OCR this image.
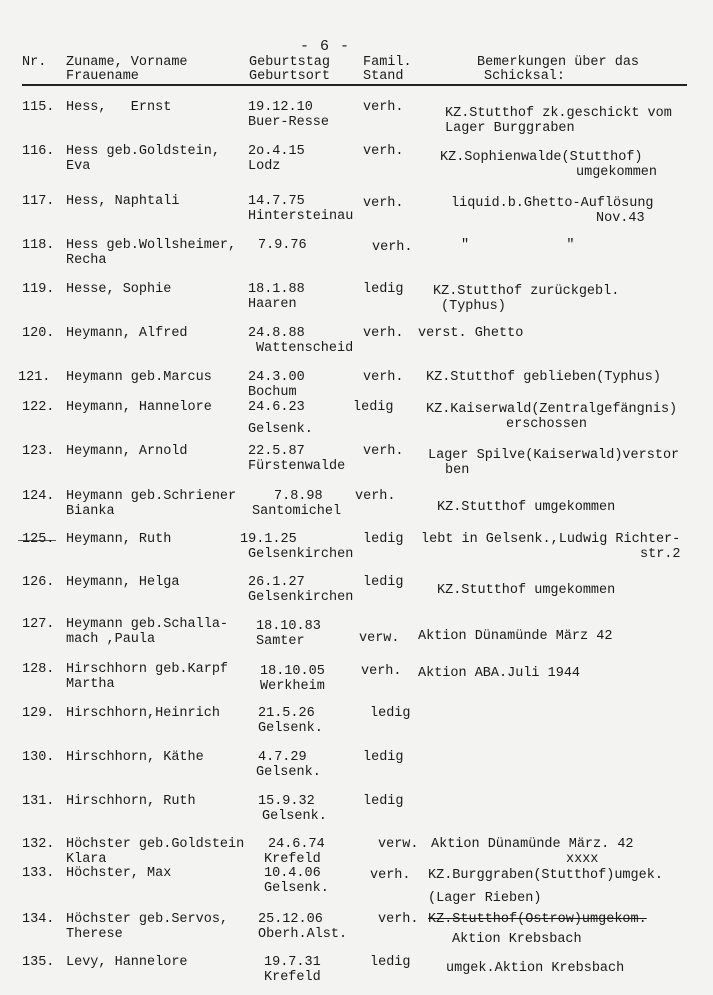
- 6 -
Nr. Zuname, Vorname
Frauename
Geburtstag
Geburtsort
Famil.
Stand
Bemerkungen über das
Schicksal:
115. Hess,   Ernst	19.12.10
Buer-Resse
verh.	KZ.Stutthof zk.geschickt vom
Lager Burggraben
116. Hess geb.Goldstein,
Eva
2o.4.15
Lodz
verh.	KZ.Sophienwalde(Stutthof)
umgekommen
117. Hess, Naphtali	14.7.75
Hintersteinau
verh.	liquid.b.Ghetto-Auflösung
Nov.43
118. Hess geb.Wollsheimer,
Recha
7.9.76	verh.	"            "
119. Hesse, Sophie	18.1.88
Haaren
ledig KZ.Stutthof zurückgebl.
(Typhus)
120. Heymann, Alfred	24.8.88
Wattenscheid
verh. verst. Ghetto
121.	Heymann geb.Marcus	24.3.00
Bochum
verh. KZ.Stutthof geblieben(Typhus)
122. Heymann, Hannelore	24.6.23
Gelsenk.
ledig KZ.Kaiserwald(Zentralgefängnis)
erschossen
123. Heymann, Arnold	22.5.87
Fürstenwalde
verh. Lager Spilve(Kaiserwald)verstor
ben
124. Heymann geb.Schriener
Bianka
7.8.98
Santomichel
verh.
KZ.Stutthof umgekommen
125. Heymann, Ruth	19.1.25
Gelsenkirchen
ledig lebt in Gelsenk.,Ludwig Richter-
str.2
126. Heymann, Helga	26.1.27
Gelsenkirchen
ledig
KZ.Stutthof umgekommen
127. Heymann geb.Schalla-
mach ,Paula
18.10.83
Samter	verw. Aktion Dünamünde März 42
128. Hirschhorn geb.Karpf
Martha
18.10.05
Werkheim
verh. Aktion ABA.Juli 1944
129. Hirschhorn,Heinrich	21.5.26
Gelsenk.
ledig
130. Hirschhorn, Käthe	4.7.29
Gelsenk.
ledig
131. Hirschhorn, Ruth	15.9.32
Gelsenk.
ledig
132. Höchster geb.Goldstein
Klara
24.6.74
Krefeld
verw. Aktion Dünamünde März. 42
xxxx
133. Höchster, Max	10.4.06
Gelsenk.
verh. KZ.Burggraben(Stutthof)umgek.
(Lager Rieben)
134. Höchster geb.Servos,
Therese
25.12.06
Oberh.Alst.
verh. KZ.Stutthof(Ostrow)umgekom.
Aktion Krebsbach
135. Levy, Hannelore	19.7.31
Krefeld
ledig	umgek.Aktion Krebsbach
